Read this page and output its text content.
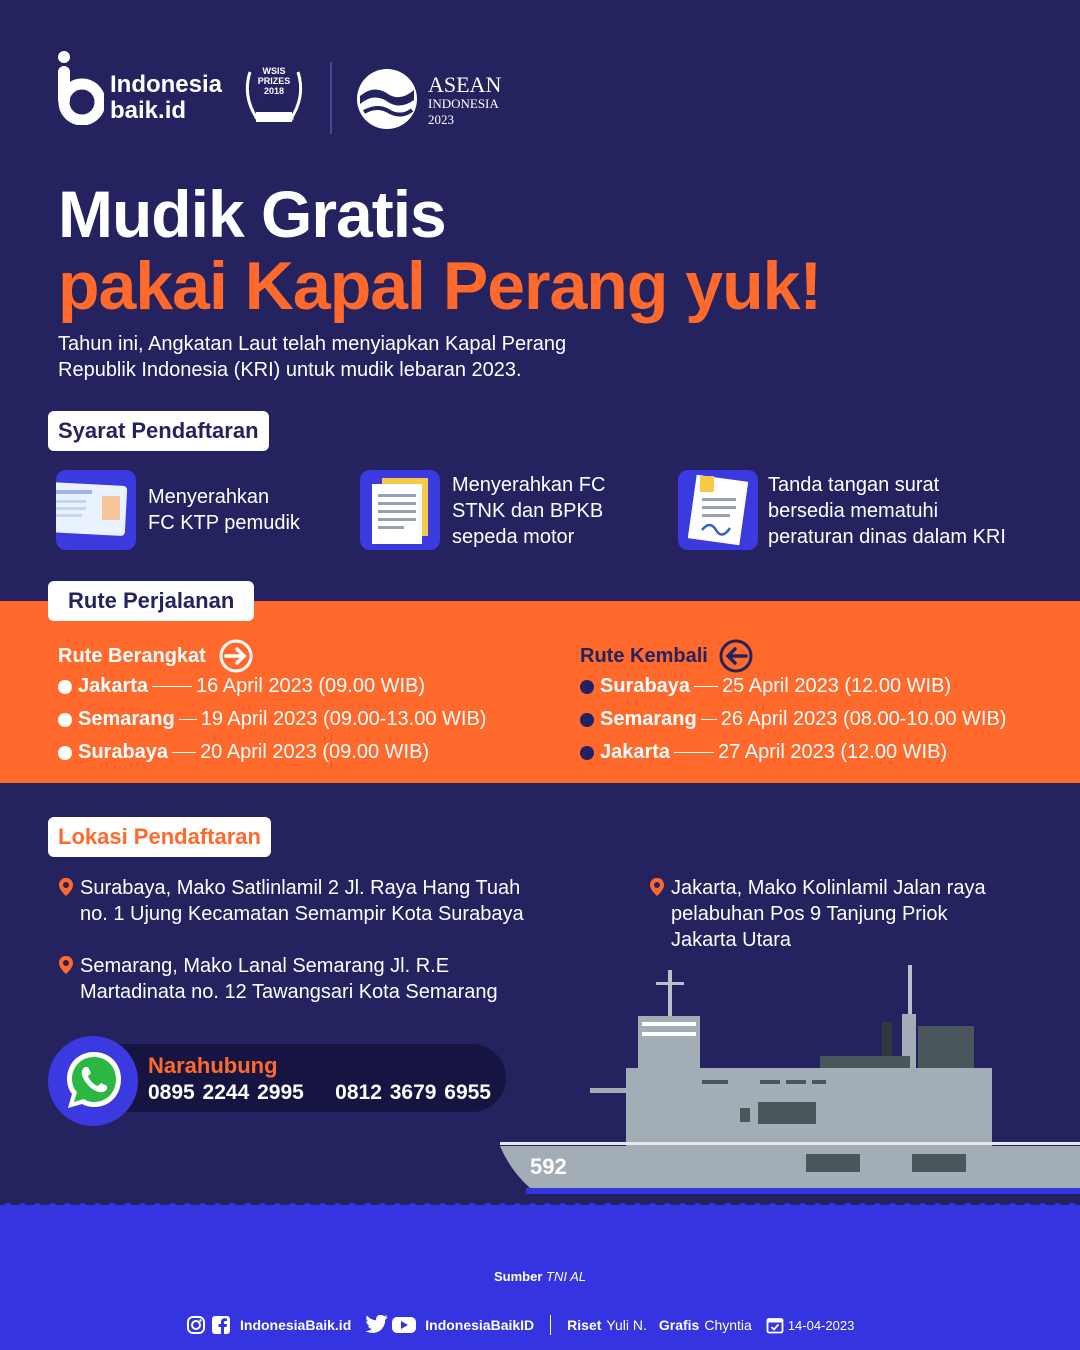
Indonesia
baik.id
WSIS
PRIZES
2018
WINNER
www.wsis.org
ASEAN
INDONESIA
2023
Mudik Gratis
pakai Kapal Perang yuk!
Tahun ini, Angkatan Laut telah menyiapkan Kapal Perang Republik Indonesia (KRI) untuk mudik lebaran 2023.
Syarat Pendaftaran
Menyerahkan
FC KTP pemudik
Menyerahkan FC
STNK dan BPKB
sepeda motor
Tanda tangan surat
bersedia mematuhi
peraturan dinas dalam KRI
Rute Perjalanan
Rute Berangkat
Jakarta 16 April 2023 (09.00 WIB)
Semarang 19 April 2023 (09.00-13.00 WIB)
Surabaya 20 April 2023 (09.00 WIB)
Rute Kembali
Surabaya 25 April 2023 (12.00 WIB)
Semarang 26 April 2023 (08.00-10.00 WIB)
Jakarta 27 April 2023 (12.00 WIB)
Lokasi Pendaftaran
Surabaya, Mako Satlinlamil 2 Jl. Raya Hang Tuah
no. 1 Ujung Kecamatan Semampir Kota Surabaya
Semarang, Mako Lanal Semarang Jl. R.E
Martadinata no. 12 Tawangsari Kota Semarang
Jakarta, Mako Kolinlamil Jalan raya
pelabuhan Pos 9 Tanjung Priok
Jakarta Utara
Narahubung
0895 2244 2995    0812 3679 6955
592
Sumber TNI AL
IndonesiaBaik.id	IndonesiaBaikID Riset Yuli N. Grafis Chyntia	14-04-2023
